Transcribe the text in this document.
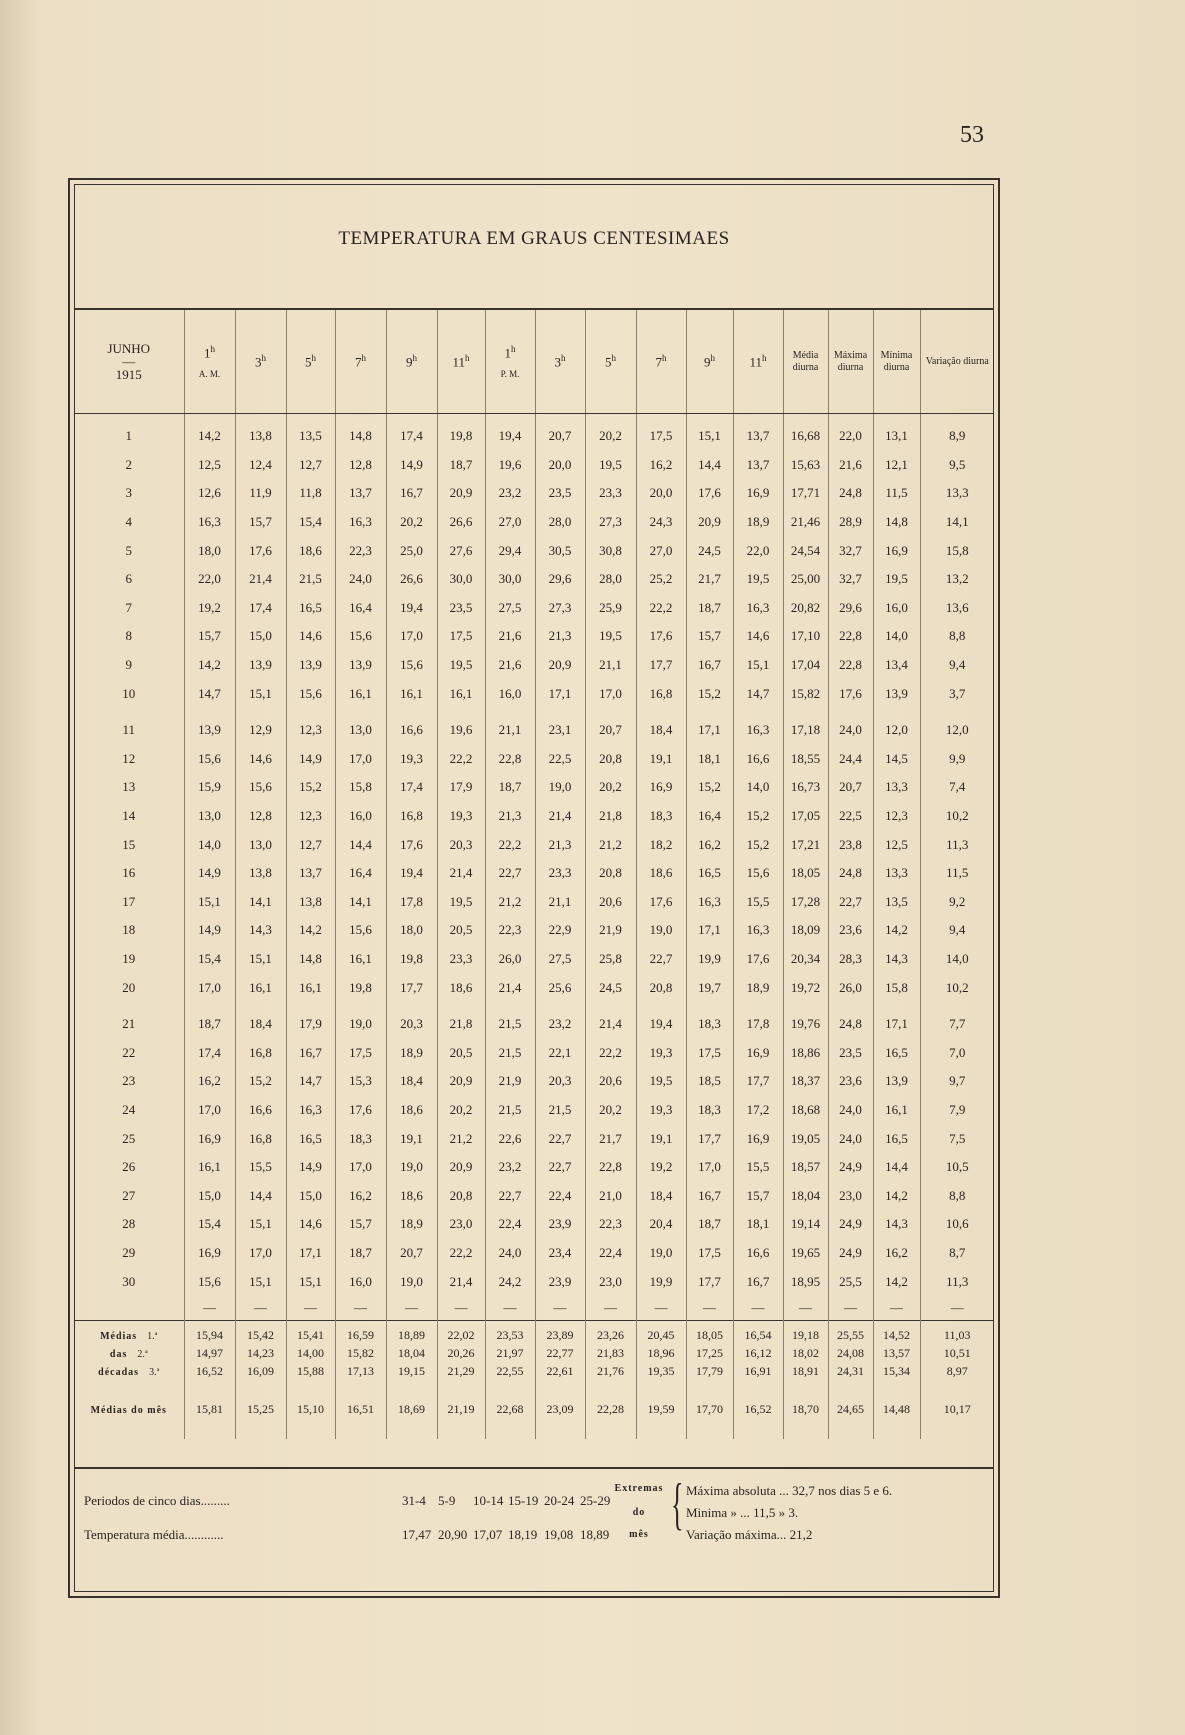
53
TEMPERATURA EM GRAUS CENTESIMAES
JUNHO
—
1915	1$^h$
A. M.	3$^h$	5$^h$	7$^h$	9$^h$	11$^h$	1$^h$
P. M.	3$^h$	5$^h$	7$^h$	9$^h$	11$^h$	Média diurna	Máxima diurna	Mínima diurna	Variação diurna

1	14,2	13,8	13,5	14,8	17,4	19,8	19,4	20,7	20,2	17,5	15,1	13,7	16,68	22,0	13,1	8,9
2	12,5	12,4	12,7	12,8	14,9	18,7	19,6	20,0	19,5	16,2	14,4	13,7	15,63	21,6	12,1	9,5
3	12,6	11,9	11,8	13,7	16,7	20,9	23,2	23,5	23,3	20,0	17,6	16,9	17,71	24,8	11,5	13,3
4	16,3	15,7	15,4	16,3	20,2	26,6	27,0	28,0	27,3	24,3	20,9	18,9	21,46	28,9	14,8	14,1
5	18,0	17,6	18,6	22,3	25,0	27,6	29,4	30,5	30,8	27,0	24,5	22,0	24,54	32,7	16,9	15,8
6	22,0	21,4	21,5	24,0	26,6	30,0	30,0	29,6	28,0	25,2	21,7	19,5	25,00	32,7	19,5	13,2
7	19,2	17,4	16,5	16,4	19,4	23,5	27,5	27,3	25,9	22,2	18,7	16,3	20,82	29,6	16,0	13,6
8	15,7	15,0	14,6	15,6	17,0	17,5	21,6	21,3	19,5	17,6	15,7	14,6	17,10	22,8	14,0	8,8
9	14,2	13,9	13,9	13,9	15,6	19,5	21,6	20,9	21,1	17,7	16,7	15,1	17,04	22,8	13,4	9,4
10	14,7	15,1	15,6	16,1	16,1	16,1	16,0	17,1	17,0	16,8	15,2	14,7	15,82	17,6	13,9	3,7

11	13,9	12,9	12,3	13,0	16,6	19,6	21,1	23,1	20,7	18,4	17,1	16,3	17,18	24,0	12,0	12,0
12	15,6	14,6	14,9	17,0	19,3	22,2	22,8	22,5	20,8	19,1	18,1	16,6	18,55	24,4	14,5	9,9
13	15,9	15,6	15,2	15,8	17,4	17,9	18,7	19,0	20,2	16,9	15,2	14,0	16,73	20,7	13,3	7,4
14	13,0	12,8	12,3	16,0	16,8	19,3	21,3	21,4	21,8	18,3	16,4	15,2	17,05	22,5	12,3	10,2
15	14,0	13,0	12,7	14,4	17,6	20,3	22,2	21,3	21,2	18,2	16,2	15,2	17,21	23,8	12,5	11,3
16	14,9	13,8	13,7	16,4	19,4	21,4	22,7	23,3	20,8	18,6	16,5	15,6	18,05	24,8	13,3	11,5
17	15,1	14,1	13,8	14,1	17,8	19,5	21,2	21,1	20,6	17,6	16,3	15,5	17,28	22,7	13,5	9,2
18	14,9	14,3	14,2	15,6	18,0	20,5	22,3	22,9	21,9	19,0	17,1	16,3	18,09	23,6	14,2	9,4
19	15,4	15,1	14,8	16,1	19,8	23,3	26,0	27,5	25,8	22,7	19,9	17,6	20,34	28,3	14,3	14,0
20	17,0	16,1	16,1	19,8	17,7	18,6	21,4	25,6	24,5	20,8	19,7	18,9	19,72	26,0	15,8	10,2

21	18,7	18,4	17,9	19,0	20,3	21,8	21,5	23,2	21,4	19,4	18,3	17,8	19,76	24,8	17,1	7,7
22	17,4	16,8	16,7	17,5	18,9	20,5	21,5	22,1	22,2	19,3	17,5	16,9	18,86	23,5	16,5	7,0
23	16,2	15,2	14,7	15,3	18,4	20,9	21,9	20,3	20,6	19,5	18,5	17,7	18,37	23,6	13,9	9,7
24	17,0	16,6	16,3	17,6	18,6	20,2	21,5	21,5	20,2	19,3	18,3	17,2	18,68	24,0	16,1	7,9
25	16,9	16,8	16,5	18,3	19,1	21,2	22,6	22,7	21,7	19,1	17,7	16,9	19,05	24,0	16,5	7,5
26	16,1	15,5	14,9	17,0	19,0	20,9	23,2	22,7	22,8	19,2	17,0	15,5	18,57	24,9	14,4	10,5
27	15,0	14,4	15,0	16,2	18,6	20,8	22,7	22,4	21,0	18,4	16,7	15,7	18,04	23,0	14,2	8,8
28	15,4	15,1	14,6	15,7	18,9	23,0	22,4	23,9	22,3	20,4	18,7	18,1	19,14	24,9	14,3	10,6
29	16,9	17,0	17,1	18,7	20,7	22,2	24,0	23,4	22,4	19,0	17,5	16,6	19,65	24,9	16,2	8,7
30	15,6	15,1	15,1	16,0	19,0	21,4	24,2	23,9	23,0	19,9	17,7	16,7	18,95	25,5	14,2	11,3
	—	—	—	—	—	—	—	—	—	—	—	—	—	—	—	—
Médias 1.ª	15,94	15,42	15,41	16,59	18,89	22,02	23,53	23,89	23,26	20,45	18,05	16,54	19,18	25,55	14,52	11,03
das 2.ª	14,97	14,23	14,00	15,82	18,04	20,26	21,97	22,77	21,83	18,96	17,25	16,12	18,02	24,08	13,57	10,51
décadas 3.ª	16,52	16,09	15,88	17,13	19,15	21,29	22,55	22,61	21,76	19,35	17,79	16,91	18,91	24,31	15,34	8,97
Médias do mês	15,81	15,25	15,10	16,51	18,69	21,19	22,68	23,09	22,28	19,59	17,70	16,52	18,70	24,65	14,48	10,17
Periodos de cinco dias.........
Temperatura média............
31-4 5-9 10-14 15-19 20-24 25-29
17,47 20,90 17,07 18,19 19,08 18,89
Extremas
do
mês { Máxima absoluta ... 32,7 nos dias 5 e 6.
Minima » ... 11,5 » 3.
Variação máxima... 21,2
